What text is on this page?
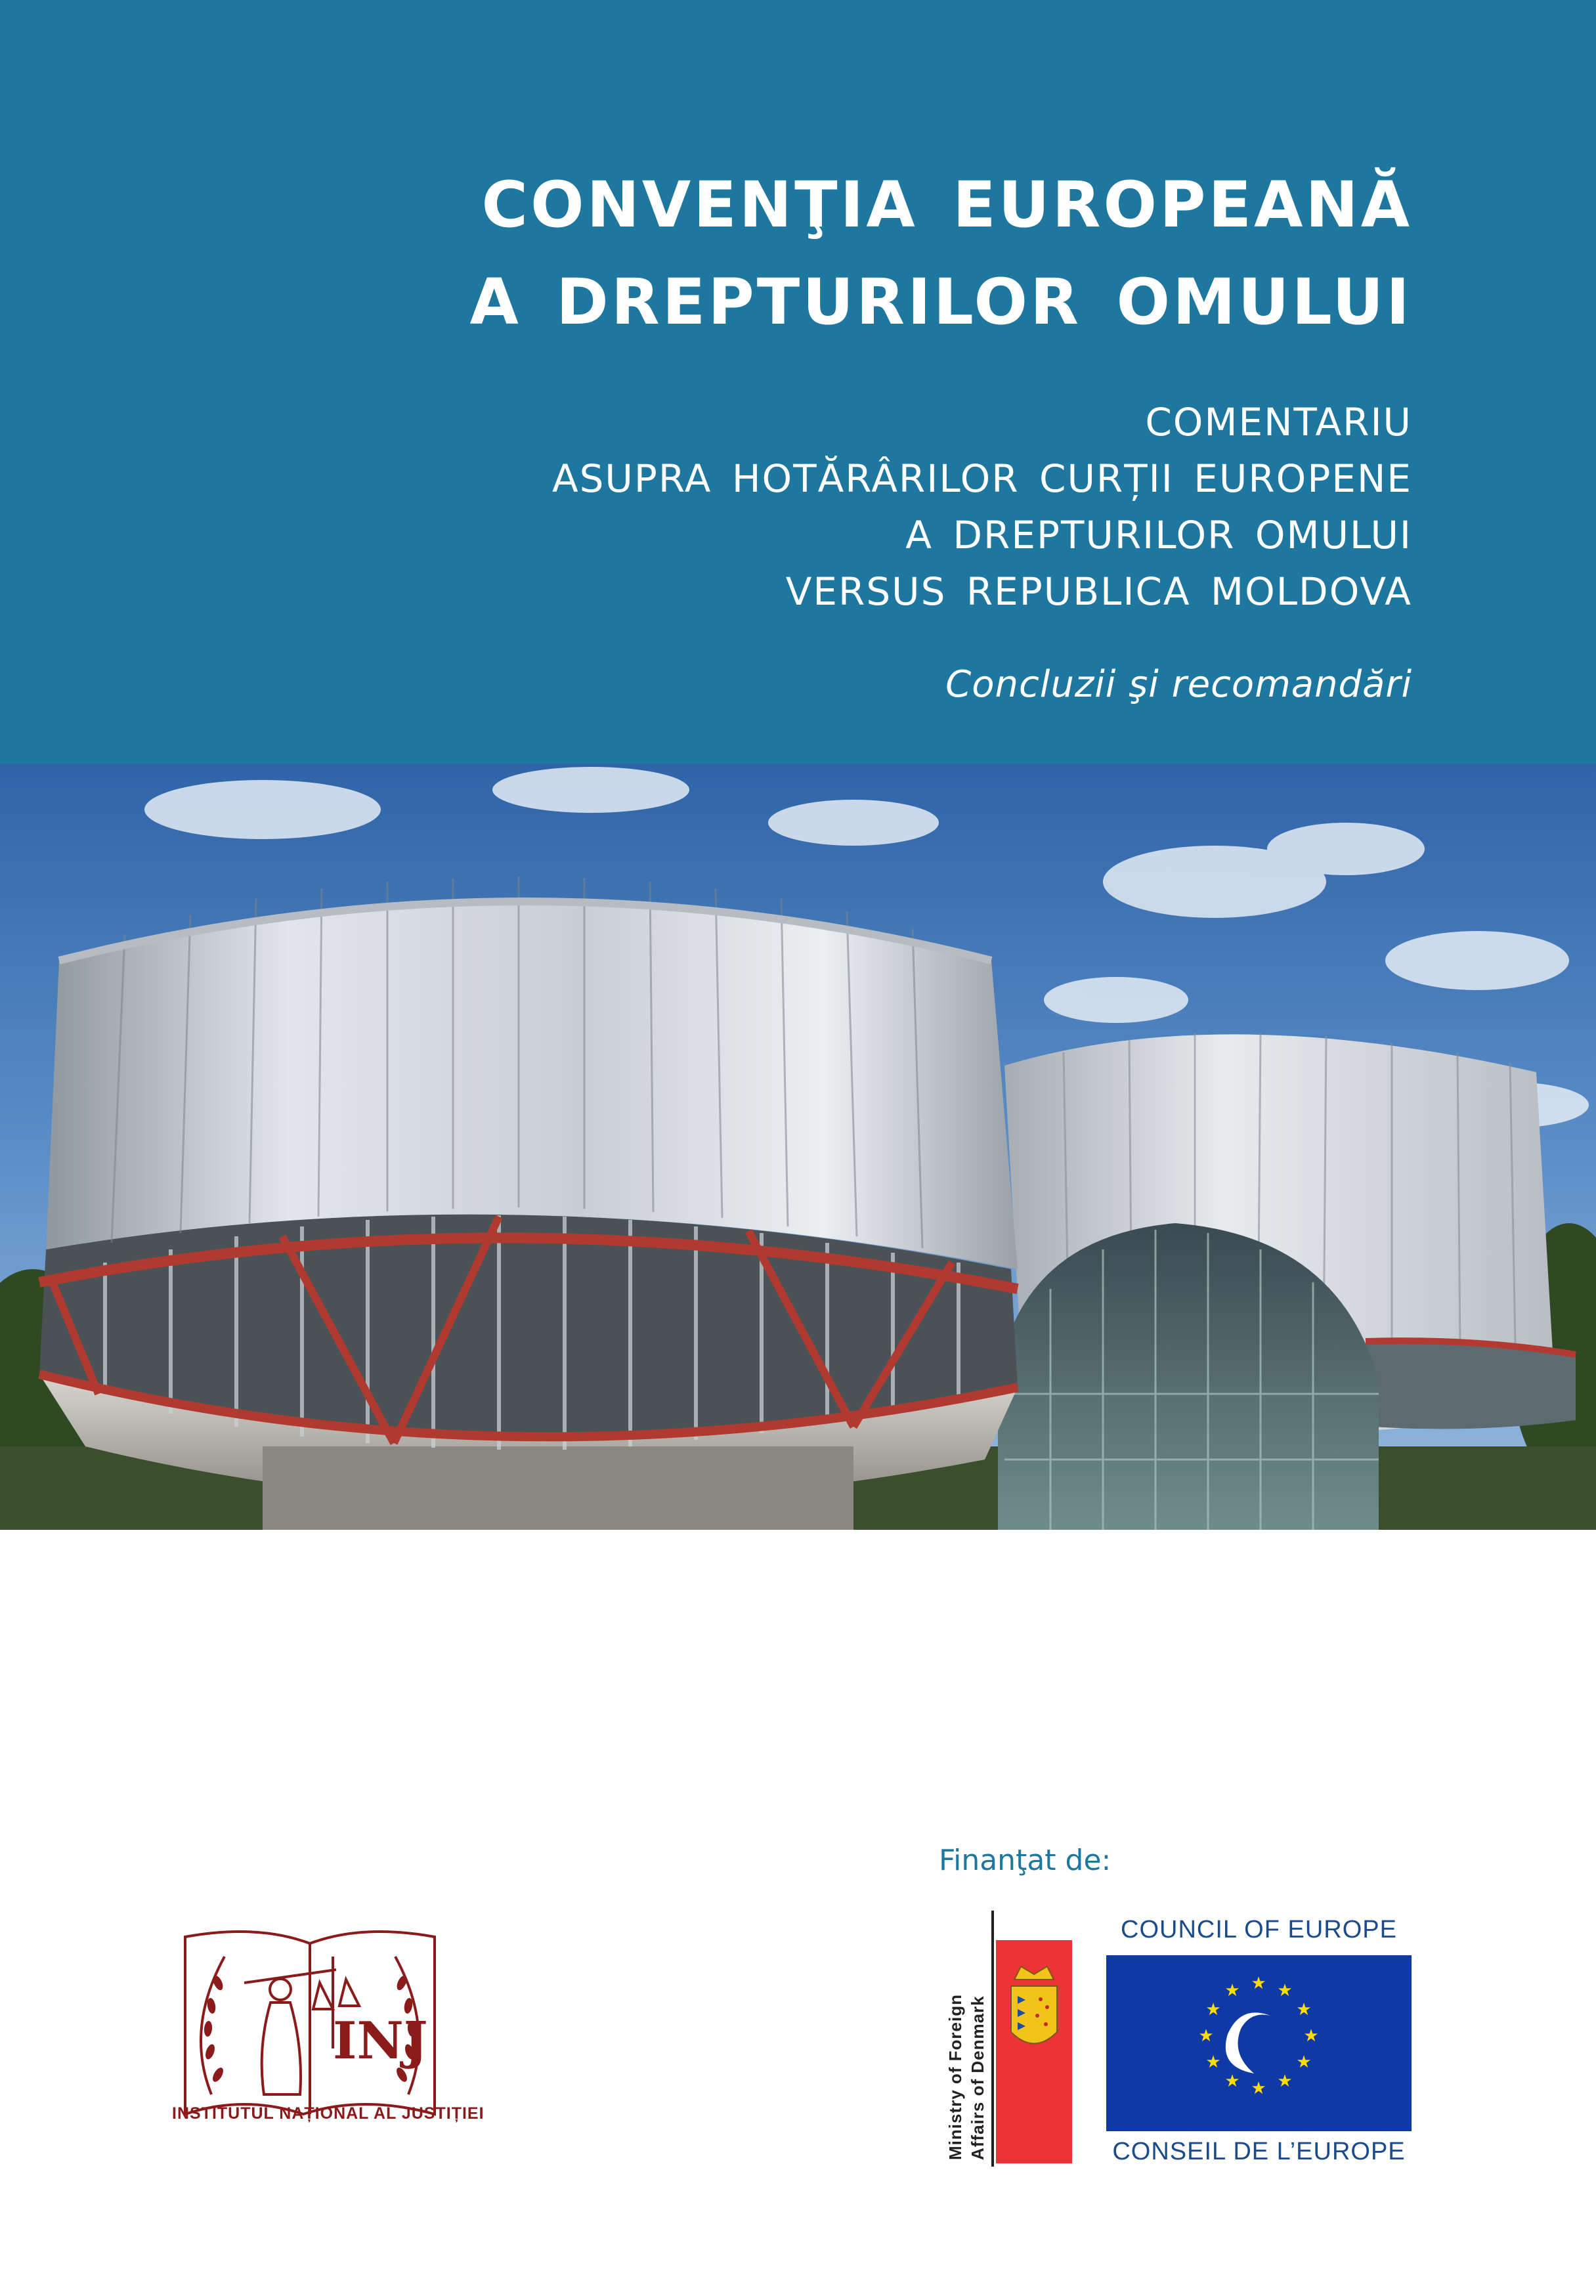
CONVENŢIA EUROPEANĂ
A DREPTURILOR OMULUI
COMENTARIU
ASUPRA HOTĂRÂRILOR CURȚII EUROPENE
A DREPTURILOR OMULUI
VERSUS REPUBLICA MOLDOVA
Concluzii şi recomandări
Finanţat de:
INJ
INSTITUTUL NAȚIONAL AL JUSTIȚIEI	Ministry of Foreign Affairs of Denmark
COUNCIL OF EUROPE
★ ★
★
★
★
★
★
★
★
★
★
★
CONSEIL DE L’EUROPE
